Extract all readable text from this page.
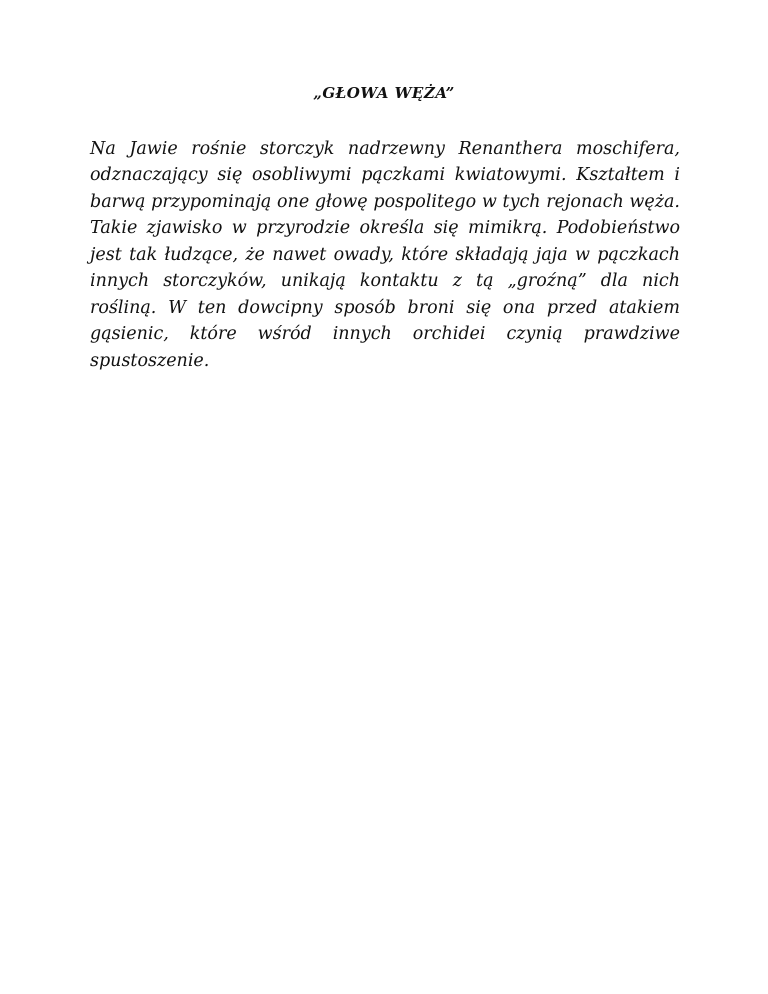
„GŁOWA WĘŻA”

Na Jawie rośnie storczyk nadrzewny Renanthera moschifera, odznaczający się osobliwymi pączkami kwiatowymi. Kształtem i barwą przypominają one głowę pospolitego w tych rejonach węża. Takie zjawisko w przyrodzie określa się mimikrą. Podobieństwo jest tak łudzące, że nawet owady, które składają jaja w pączkach innych storczyków, unikają kontaktu z tą „groźną” dla nich rośliną. W ten dowcipny sposób broni się ona przed atakiem gąsienic, które wśród innych orchidei czynią prawdziwe spustoszenie.
